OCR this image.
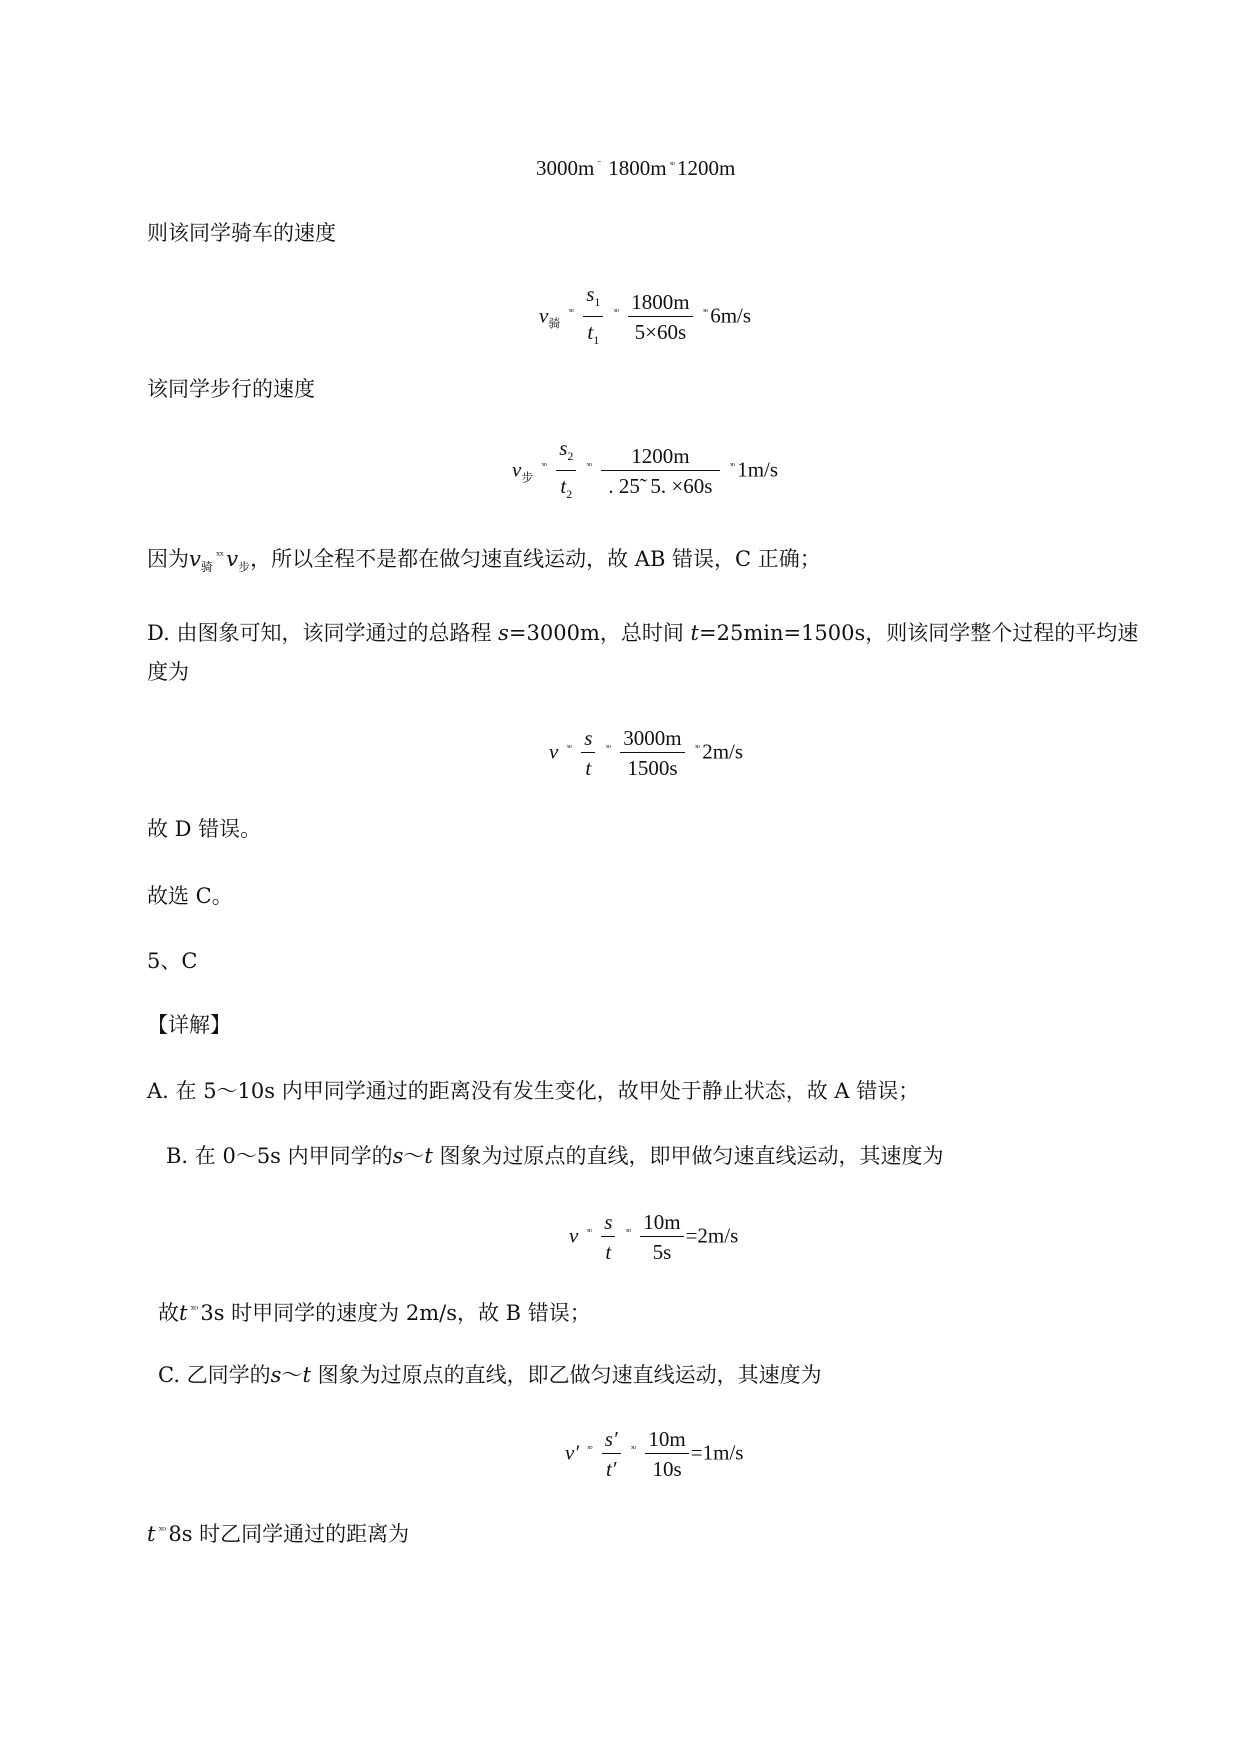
3000m ˜ 1800m $^{ˣᵒ}$ 1200m
则该同学骑车的速度
$v_骑$ $^{ˣᵒ} \frac{s_1}{t_1} ^{ˣᵒ} \frac{1800m}{5\times 60s} ^{ˣᵒ}$ 6m/s
该同学步行的速度
$v_步$ $^{ˣᵒ} \frac{s_2}{t_2} ^{ˣᵒ} \frac{1200m}{. 25̃ 5. \times 60s} ^{ˣᵒ}$ 1m/s
因为$v_骑^{ˣˣ}$ $v_步$，所以全程不是都在做匀速直线运动，故 AB 错误，C 正确；
D. 由图象可知，该同学通过的总路程 s=3000m，总时间 t=25min=1500s，则该同学整个过程的平均速
度为
v $^{ˣᵒ} \frac{s}{t} ^{ˣᵒ} \frac{3000m}{1500s} ^{ˣᵒ}$ 2m/s
故 D 错误。
故选 C。
5、C
【详解】
A. 在 5～10s 内甲同学通过的距离没有发生变化，故甲处于静止状态，故 A 错误；
B. 在 0～5s 内甲同学的s～t 图象为过原点的直线，即甲做匀速直线运动，其速度为
v $^{ˣᵒ} \frac{s}{t} ^{ˣᵒ} \frac{10m}{5s} =2m/s$
故t $^{ˣᵒ}$ 3s 时甲同学的速度为 2m/s，故 B 错误；
C. 乙同学的s～t 图象为过原点的直线，即乙做匀速直线运动，其速度为
v′ $^{ˣᵒ} \frac{s'}{t'} ^{ˣᵒ} \frac{10m}{10s} =1m/s$
t $^{ˣᵒ}$ 8s 时乙同学通过的距离为
